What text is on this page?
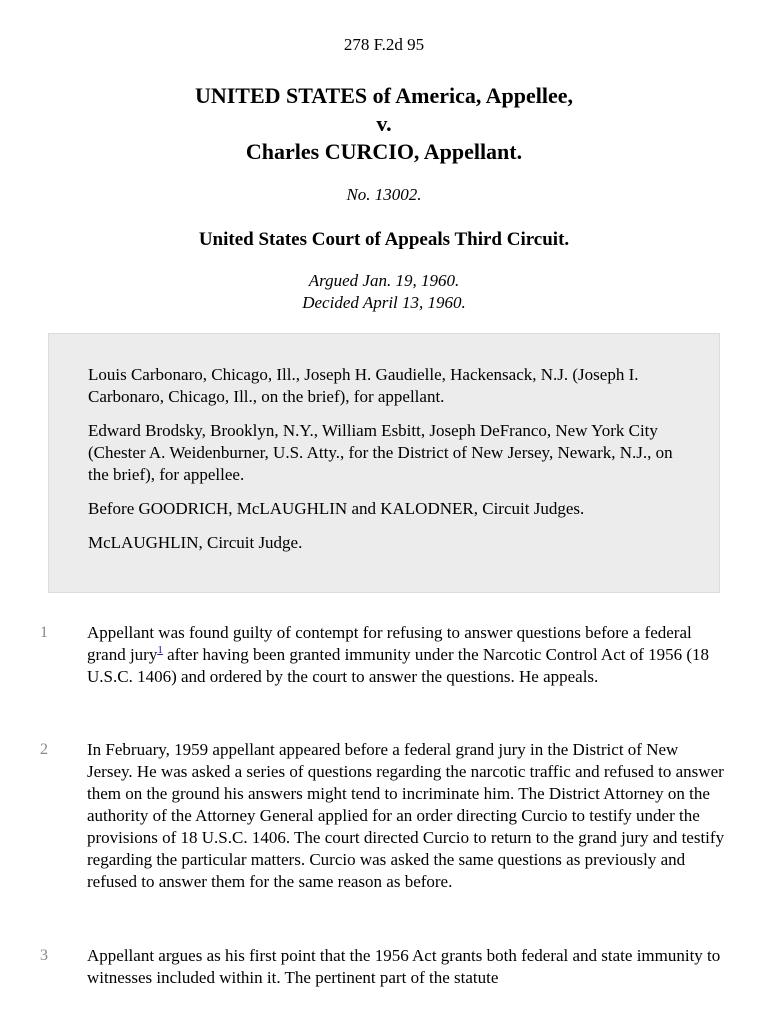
278 F.2d 95
UNITED STATES of America, Appellee,
v.
Charles CURCIO, Appellant.
No. 13002.
United States Court of Appeals Third Circuit.
Argued Jan. 19, 1960.
Decided April 13, 1960.

Louis Carbonaro, Chicago, Ill., Joseph H. Gaudielle, Hackensack, N.J. (Joseph I. Carbonaro, Chicago, Ill., on the brief), for appellant.

Edward Brodsky, Brooklyn, N.Y., William Esbitt, Joseph DeFranco, New York City (Chester A. Weidenburner, U.S. Atty., for the District of New Jersey, Newark, N.J., on the brief), for appellee.

Before GOODRICH, McLAUGHLIN and KALODNER, Circuit Judges.

McLAUGHLIN, Circuit Judge.

1	Appellant was found guilty of contempt for refusing to answer questions before a federal grand jury$^1$ after having been granted immunity under the Narcotic Control Act of 1956 (18 U.S.C. 1406) and ordered by the court to answer the questions. He appeals.
2	In February, 1959 appellant appeared before a federal grand jury in the District of New Jersey. He was asked a series of questions regarding the narcotic traffic and refused to answer them on the ground his answers might tend to incriminate him. The District Attorney on the authority of the Attorney General applied for an order directing Curcio to testify under the provisions of 18 U.S.C. 1406. The court directed Curcio to return to the grand jury and testify regarding the particular matters. Curcio was asked the same questions as previously and refused to answer them for the same reason as before.
3	Appellant argues as his first point that the 1956 Act grants both federal and state immunity to witnesses included within it. The pertinent part of the statute
